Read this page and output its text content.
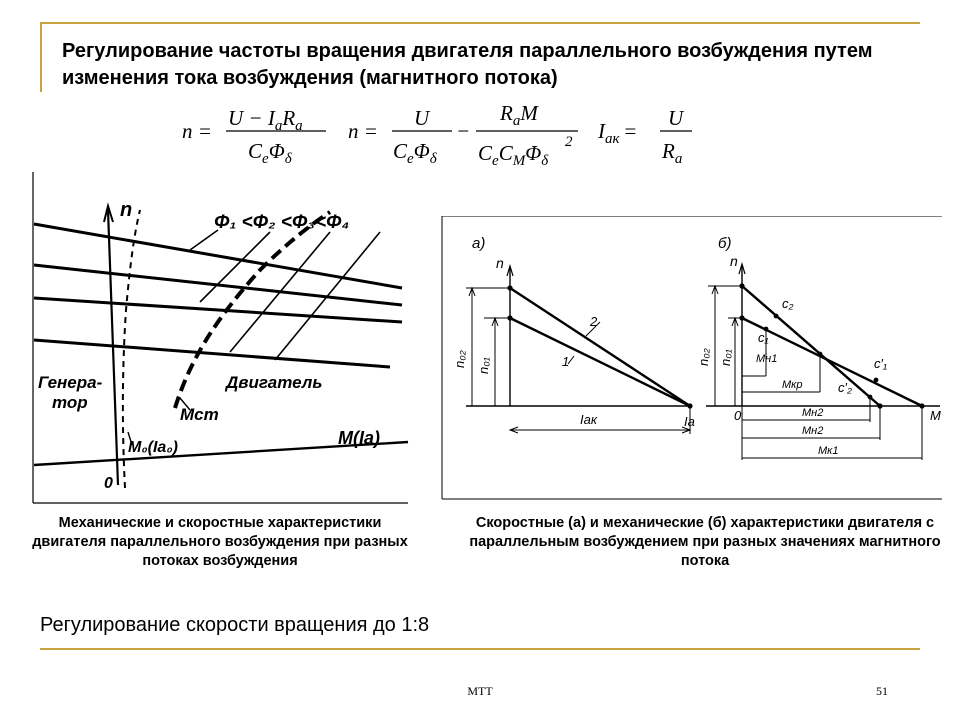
Регулирование частоты вращения двигателя параллельного возбуждения путем изменения тока возбуждения (магнитного потока)
n =
$U - I_aR_a$
$C_e\Phi_\delta$
n =
U
$C_e\Phi_\delta$
−
$R_aM$
$C_eC_M\Phi_\delta$
2 $I_{ак}$ =
U
$R_a$
n
Φ₁ <Φ₂ <Φ₃<Φ₄
Генера-
тор
Двигатель
Mст
M₀(Iа₀)	M(Iа)
0
а)
n
n₀₂ n₀₁
2
1
Iак	Iа
б)
n
n₀₂ n₀₁
c₂
c₁
c′₁
c′₂
0	M
Mн1
Mкр
Mн2
Mн2
Mк1
Механические и скоростные характеристики двигателя параллельного возбуждения при разных потоках возбуждения
Скоростные (а) и механические (б) характеристики двигателя с параллельным возбуждением при разных значениях магнитного потока
Регулирование скорости вращения до 1:8
МТТ	51
